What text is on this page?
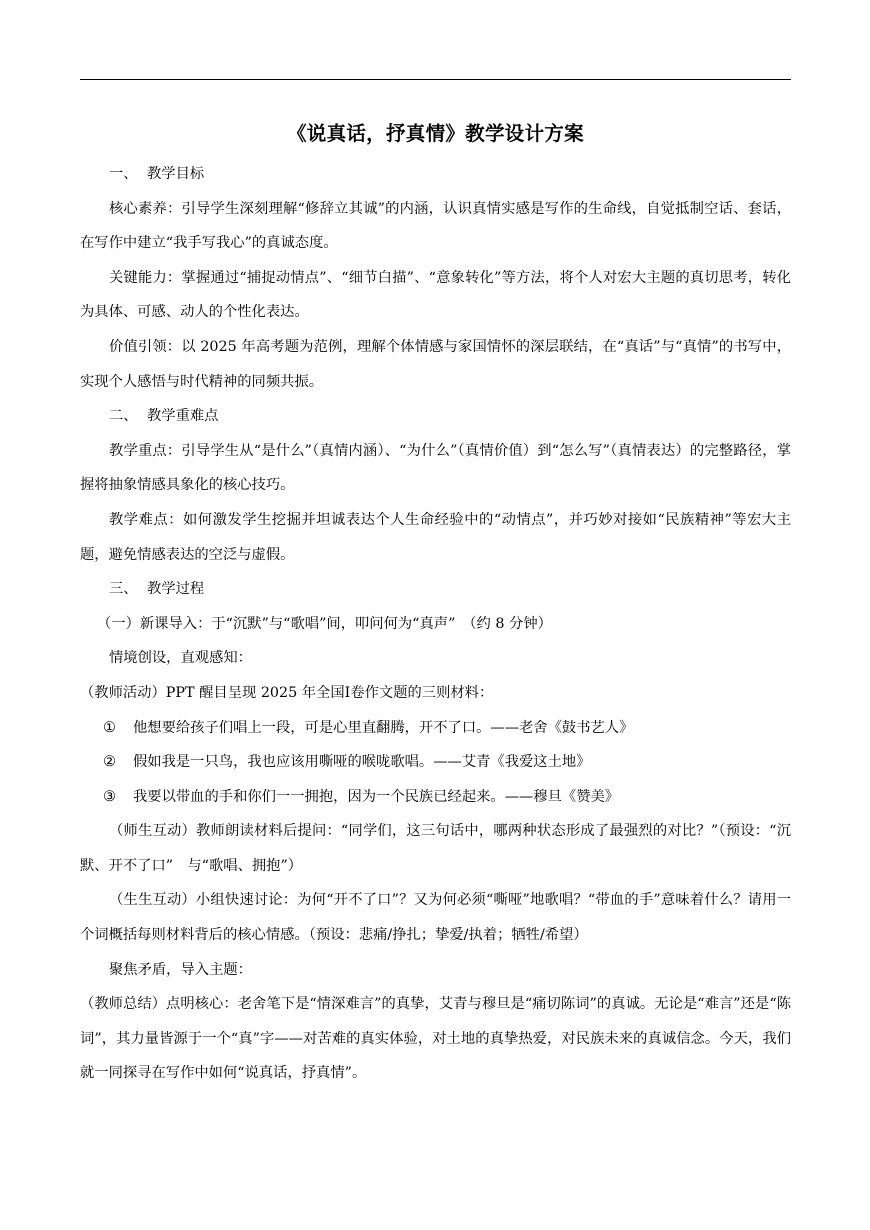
《说真话，抒真情》教学设计方案

一、 教学目标

核心素养：引导学生深刻理解“修辞立其诚”的内涵，认识真情实感是写作的生命线，自觉抵制空话、套话，在写作中建立“我手写我心”的真诚态度。

关键能力：掌握通过“捕捉动情点”、“细节白描”、“意象转化”等方法，将个人对宏大主题的真切思考，转化为具体、可感、动人的个性化表达。

价值引领：以 2025 年高考题为范例，理解个体情感与家国情怀的深层联结，在“真话”与“真情”的书写中，实现个人感悟与时代精神的同频共振。

二、 教学重难点

教学重点：引导学生从“是什么”（真情内涵）、“为什么”（真情价值）到“怎么写”（真情表达）的完整路径，掌握将抽象情感具象化的核心技巧。

教学难点：如何激发学生挖掘并坦诚表达个人生命经验中的“动情点”，并巧妙对接如“民族精神”等宏大主题，避免情感表达的空泛与虚假。

三、 教学过程

（一）新课导入：于“沉默”与“歌唱”间，叩问何为“真声” （约 8 分钟）

情境创设，直观感知：

（教师活动）PPT 醒目呈现 2025 年全国Ⅰ卷作文题的三则材料：

① 他想要给孩子们唱上一段，可是心里直翻腾，开不了口。——老舍《鼓书艺人》

② 假如我是一只鸟，我也应该用嘶哑的喉咙歌唱。——艾青《我爱这土地》

③ 我要以带血的手和你们一一拥抱，因为一个民族已经起来。——穆旦《赞美》

（师生互动）教师朗读材料后提问：“同学们，这三句话中，哪两种状态形成了最强烈的对比？”（预设：“沉默、开不了口”　与“歌唱、拥抱”）

（生生互动）小组快速讨论：为何“开不了口”？又为何必须“嘶哑”地歌唱？“带血的手”意味着什么？请用一个词概括每则材料背后的核心情感。（预设：悲痛/挣扎；挚爱/执着；牺牲/希望）

聚焦矛盾，导入主题：

（教师总结）点明核心：老舍笔下是“情深难言”的真挚，艾青与穆旦是“痛切陈词”的真诚。无论是“难言”还是“陈词”，其力量皆源于一个“真”字——对苦难的真实体验，对土地的真挚热爱，对民族未来的真诚信念。今天，我们就一同探寻在写作中如何“说真话，抒真情”。
